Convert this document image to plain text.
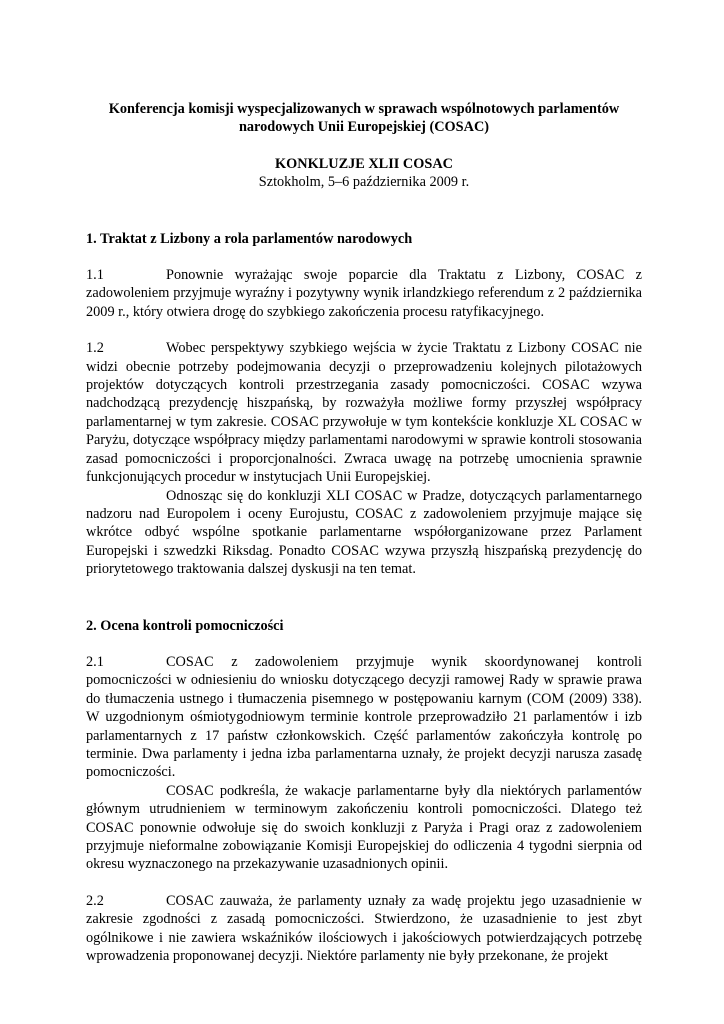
Konferencja komisji wyspecjalizowanych w sprawach wspólnotowych parlamentów narodowych Unii Europejskiej (COSAC)

KONKLUZJE XLII COSAC

Sztokholm, 5–6 października 2009 r.

1. Traktat z Lizbony a rola parlamentów narodowych

1.1	Ponownie wyrażając swoje poparcie dla Traktatu z Lizbony, COSAC z zadowoleniem przyjmuje wyraźny i pozytywny wynik irlandzkiego referendum z 2 października 2009 r., który otwiera drogę do szybkiego zakończenia procesu ratyfikacyjnego.

1.2	Wobec perspektywy szybkiego wejścia w życie Traktatu z Lizbony COSAC nie widzi obecnie potrzeby podejmowania decyzji o przeprowadzeniu kolejnych pilotażowych projektów dotyczących kontroli przestrzegania zasady pomocniczości. COSAC wzywa nadchodzącą prezydencję hiszpańską, by rozważyła możliwe formy przyszłej współpracy parlamentarnej w tym zakresie. COSAC przywołuje w tym kontekście konkluzje XL COSAC w Paryżu, dotyczące współpracy między parlamentami narodowymi w sprawie kontroli stosowania zasad pomocniczości i proporcjonalności. Zwraca uwagę na potrzebę umocnienia sprawnie funkcjonujących procedur w instytucjach Unii Europejskiej.

Odnosząc się do konkluzji XLI COSAC w Pradze, dotyczących parlamentarnego nadzoru nad Europolem i oceny Eurojustu, COSAC z zadowoleniem przyjmuje mające się wkrótce odbyć wspólne spotkanie parlamentarne współorganizowane przez Parlament Europejski i szwedzki Riksdag. Ponadto COSAC wzywa przyszłą hiszpańską prezydencję do priorytetowego traktowania dalszej dyskusji na ten temat.

2. Ocena kontroli pomocniczości

2.1	COSAC z zadowoleniem przyjmuje wynik skoordynowanej kontroli pomocniczości w odniesieniu do wniosku dotyczącego decyzji ramowej Rady w sprawie prawa do tłumaczenia ustnego i tłumaczenia pisemnego w postępowaniu karnym (COM (2009) 338). W uzgodnionym ośmiotygodniowym terminie kontrole przeprowadziło 21 parlamentów i izb parlamentarnych z 17 państw członkowskich. Część parlamentów zakończyła kontrolę po terminie. Dwa parlamenty i jedna izba parlamentarna uznały, że projekt decyzji narusza zasadę pomocniczości.

COSAC podkreśla, że wakacje parlamentarne były dla niektórych parlamentów głównym utrudnieniem w terminowym zakończeniu kontroli pomocniczości. Dlatego też COSAC ponownie odwołuje się do swoich konkluzji z Paryża i Pragi oraz z zadowoleniem przyjmuje nieformalne zobowiązanie Komisji Europejskiej do odliczenia 4 tygodni sierpnia od okresu wyznaczonego na przekazywanie uzasadnionych opinii.

2.2	COSAC zauważa, że parlamenty uznały za wadę projektu jego uzasadnienie w zakresie zgodności z zasadą pomocniczości. Stwierdzono, że uzasadnienie to jest zbyt ogólnikowe i nie zawiera wskaźników ilościowych i jakościowych potwierdzających potrzebę wprowadzenia proponowanej decyzji. Niektóre parlamenty nie były przekonane, że projekt
